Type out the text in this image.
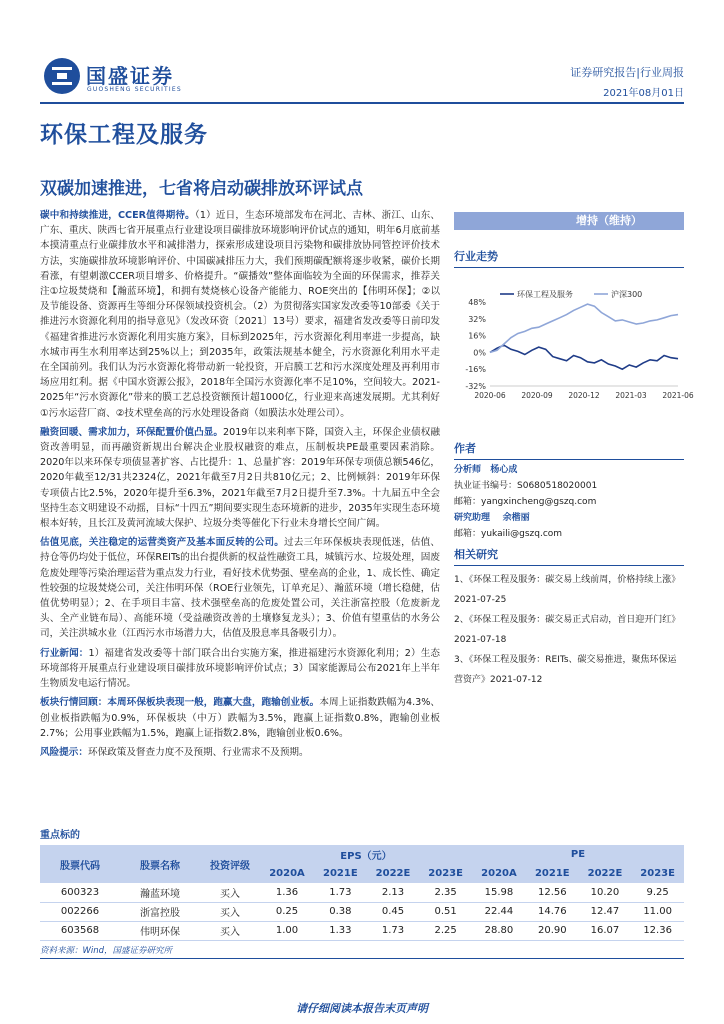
国盛证券
GUOSHENG SECURITIES
证券研究报告|行业周报
2021年08月01日
环保工程及服务
双碳加速推进，七省将启动碳排放环评试点

碳中和持续推进，CCER值得期待。（1）近日，生态环境部发布在河北、吉林、浙江、山东、广东、重庆、陕西七省开展重点行业建设项目碳排放环境影响评价试点的通知，明年6月底前基本摸清重点行业碳排放水平和减排潜力，探索形成建设项目污染物和碳排放协同管控评价技术方法，实施碳排放环境影响评价、中国碳减排压力大，我们预期碳配额将逐步收紧，碳价长期看涨，有望刺激CCER项目增多、价格提升。“碳播效”整体面临较为全面的环保需求，推荐关注①垃圾焚烧和【瀚蓝环境】，和拥有焚烧核心设备产能能力、ROE突出的【伟明环保】；②以及节能设备、资源再生等细分环保领域投资机会。（2）为贯彻落实国家发改委等10部委《关于推进污水资源化利用的指导意见》（发改环资〔2021〕13号）要求，福建省发改委等日前印发《福建省推进污水资源化利用实施方案》，目标到2025年，污水资源化利用率进一步提高，缺水城市再生水利用率达到25%以上；到2035年，政策法规基本健全，污水资源化利用水平走在全国前列。我们认为污水资源化将带动新一轮投资，开启膜工艺和污水深度处理及再利用市场应用红利。据《中国水资源公报》，2018年全国污水资源化率不足10%，空间较大。2021-2025年“污水资源化”带来的膜工艺总投资额预计超1000亿，行业迎来高速发展期。尤其利好①污水运营厂商、②技术壁垒高的污水处理设备商（如膜法水处理公司）。

融资回暖、需求加力，环保配置价值凸显。2019年以来利率下降，国资入主，环保企业债权融资改善明显，而再融资新规出台解决企业股权融资的难点，压制板块PE最重要因素消除。2020年以来环保专项债显著扩容、占比提升：1、总量扩容：2019年环保专项债总额546亿，2020年截至12/31共2324亿，2021年截至7月2日共810亿元；2、比例倾斜：2019年环保专项债占比2.5%，2020年提升至6.3%，2021年截至7月2日提升至7.3%。十九届五中全会坚持生态文明建设不动摇，目标“十四五”期间要实现生态环境新的进步，2035年实现生态环境根本好转，且长江及黄河流域大保护、垃圾分类等催化下行业未身增长空间广阔。

估值见底，关注稳定的运营类资产及基本面反转的公司。过去三年环保板块表现低迷，估值、持仓等仍均处于低位，环保REITs的出台提供新的权益性融资工具，城镇污水、垃圾处理，固废危废处理等污染治理运营为重点发力行业，看好技术优势强、壁垒高的企业，1、成长性、确定性较强的垃圾焚烧公司，关注伟明环保（ROE行业领先，订单充足）、瀚蓝环境（增长稳健，估值优势明显）；2、在手项目丰富、技术强壁垒高的危废处置公司，关注浙富控股（危废新龙头、全产业链布局）、高能环境（受益融资改善的土壤修复龙头）；3、价值有望重估的水务公司，关注洪城水业（江西污水市场潜力大，估值及股息率具备吸引力）。

行业新闻：1）福建省发改委等十部门联合出台实施方案，推进福建污水资源化利用；2）生态环境部将开展重点行业建设项目碳排放环境影响评价试点；3）国家能源局公布2021年上半年生物质发电运行情况。

板块行情回顾：本周环保板块表现一般，跑赢大盘，跑输创业板。本周上证指数跌幅为4.3%、创业板指跌幅为0.9%，环保板块（中万）跌幅为3.5%，跑赢上证指数0.8%，跑输创业板2.7%；公用事业跌幅为1.5%，跑赢上证指数2.8%，跑输创业板0.6%。

风险提示：环保政策及督查力度不及预期、行业需求不及预期。

增持（维持）
行业走势
48%
32%
16%
0%
-16%
-32%
2020-06 2020-09 2020-12 2021-03 2021-06
环保工程及服务	沪深300
作者
分析师 杨心成
执业证书编号：S0680518020001
邮箱：yangxincheng@gszq.com
研究助理 余楷丽
邮箱：yukaili@gszq.com
相关研究
1、《环保工程及服务：碳交易上线前周，价格持续上涨》2021-07-25
2、《环保工程及服务：碳交易正式启动，首日迎开门红》2021-07-18
3、《环保工程及服务：REITs、碳交易推进，聚焦环保运营资产》2021-07-12
重点标的
股票代码	股票名称	投资评级	EPS（元）				PE			
			2020A	2021E	2022E	2023E	2020A	2021E	2022E	2023E
600323	瀚蓝环境	买入	1.36	1.73	2.13	2.35	15.98	12.56	10.20	9.25
002266	浙富控股	买入	0.25	0.38	0.45	0.51	22.44	14.76	12.47	11.00
603568	伟明环保	买入	1.00	1.33	1.73	2.25	28.80	20.90	16.07	12.36
资料来源：Wind，国盛证券研究所
请仔细阅读本报告末页声明
